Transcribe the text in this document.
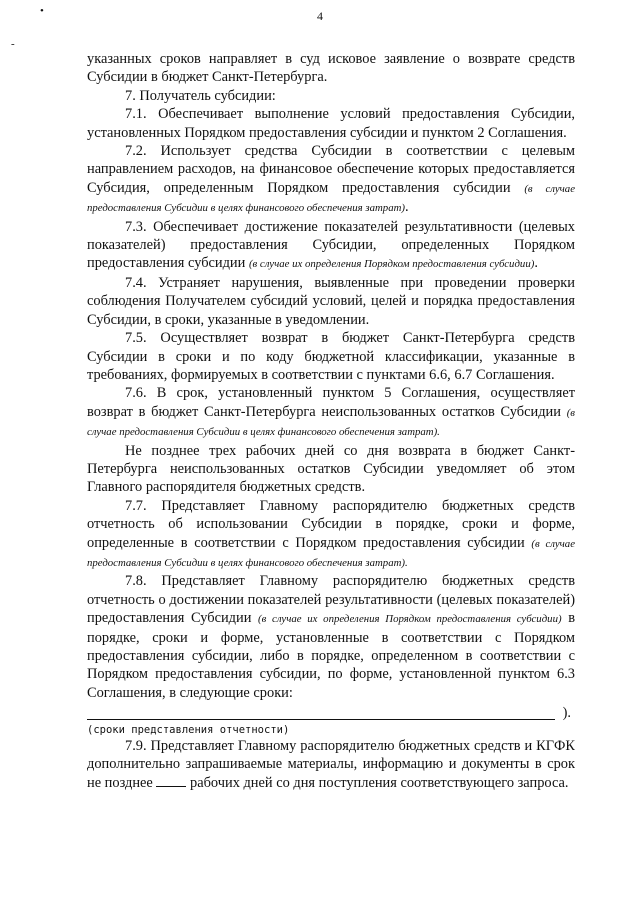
4
•
-

указанных сроков направляет в суд исковое заявление о возврате средств Субсидии в бюджет Санкт-Петербурга.

7. Получатель субсидии:

7.1. Обеспечивает выполнение условий предоставления Субсидии, установленных Порядком предоставления субсидии и пунктом 2 Соглашения.

7.2. Использует средства Субсидии в соответствии с целевым направлением расходов, на финансовое обеспечение которых предоставляется Субсидия, определенным Порядком предоставления субсидии (в случае предоставления Субсидии в целях финансового обеспечения затрат).

7.3. Обеспечивает достижение показателей результативности (целевых показателей) предоставления Субсидии, определенных Порядком предоставления субсидии (в случае их определения Порядком предоставления субсидии).

7.4. Устраняет нарушения, выявленные при проведении проверки соблюдения Получателем субсидий условий, целей и порядка предоставления Субсидии, в сроки, указанные в уведомлении.

7.5. Осуществляет возврат в бюджет Санкт-Петербурга средств Субсидии в сроки и по коду бюджетной классификации, указанные в требованиях, формируемых в соответствии с пунктами 6.6, 6.7 Соглашения.

7.6. В срок, установленный пунктом 5 Соглашения, осуществляет возврат в бюджет Санкт-Петербурга неиспользованных остатков Субсидии (в случае предоставления Субсидии в целях финансового обеспечения затрат).

Не позднее трех рабочих дней со дня возврата в бюджет Санкт-Петербурга неиспользованных остатков Субсидии уведомляет об этом Главного распорядителя бюджетных средств.

7.7. Представляет Главному распорядителю бюджетных средств отчетность об использовании Субсидии в порядке, сроки и форме, определенные в соответствии с Порядком предоставления субсидии (в случае предоставления Субсидии в целях финансового обеспечения затрат).

7.8. Представляет Главному распорядителю бюджетных средств отчетность о достижении показателей результативности (целевых показателей) предоставления Субсидии (в случае их определения Порядком предоставления субсидии) в порядке, сроки и форме, установленные в соответствии с Порядком предоставления субсидии, либо в порядке, определенном в соответствии с Порядком предоставления субсидии, по форме, установленной пунктом 6.3 Соглашения, в следующие сроки:

).

(сроки представления отчетности)

7.9. Представляет Главному распорядителю бюджетных средств и КГФК дополнительно запрашиваемые материалы, информацию и документы в срок не позднее	рабочих дней со дня поступления соответствующего запроса.
